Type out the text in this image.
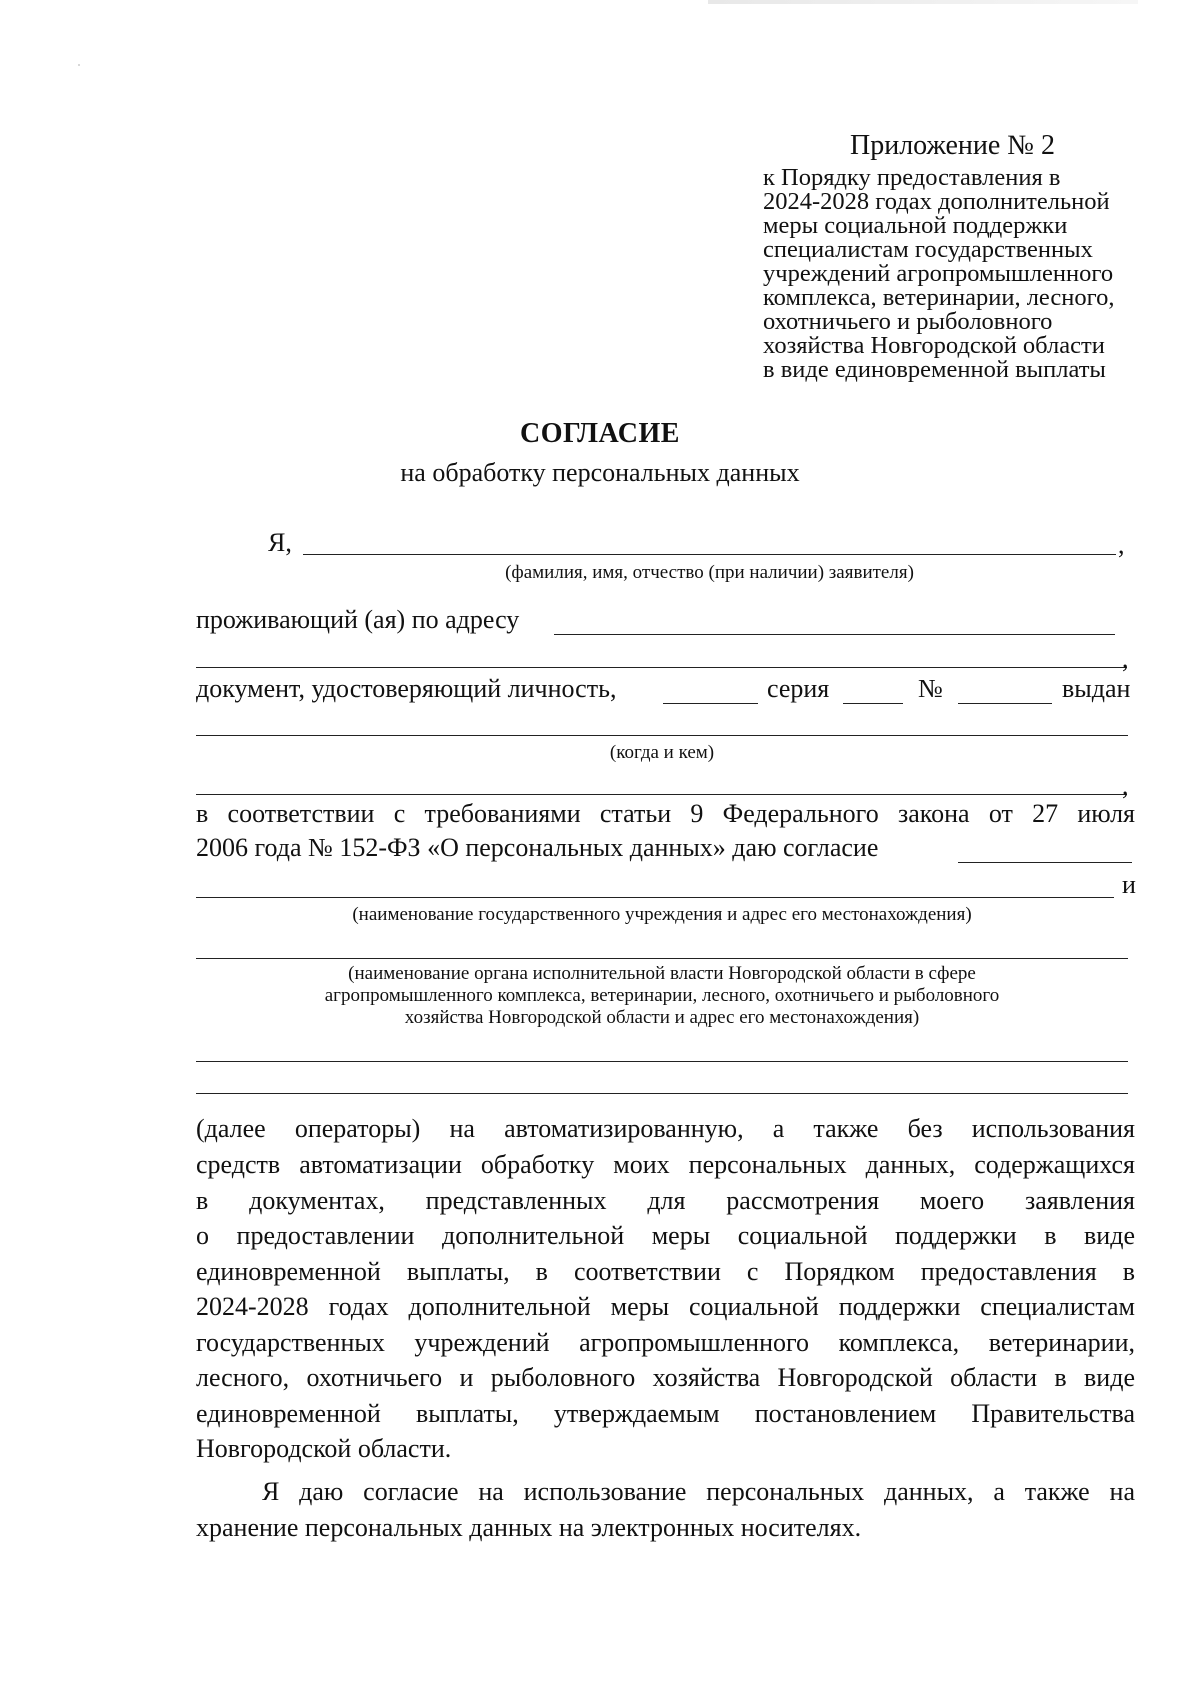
Приложение № 2
к Порядку предоставления в
2024-2028 годах дополнительной
меры социальной поддержки
специалистам государственных
учреждений агропромышленного
комплекса, ветеринарии, лесного,
охотничьего и рыболовного
хозяйства Новгородской области
в виде единовременной выплаты
СОГЛАСИЕ
на обработку персональных данных
Я,	,
(фамилия, имя, отчество (при наличии) заявителя)
проживающий (ая) по адресу
,
документ, удостоверяющий личность,	серия	№	выдан
(когда и кем)
,
в соответствии с требованиями статьи 9 Федерального закона от 27 июля
2006 года № 152-ФЗ «О персональных данных» даю согласие
и
(наименование государственного учреждения и адрес его местонахождения)
(наименование органа исполнительной власти Новгородской области в сфере
агропромышленного комплекса, ветеринарии, лесного, охотничьего и рыболовного
хозяйства Новгородской области и адрес его местонахождения)
(далее операторы) на автоматизированную, а также без использования
средств автоматизации обработку моих персональных данных, содержащихся
в документах, представленных для рассмотрения моего заявления
о предоставлении дополнительной меры социальной поддержки в виде
единовременной выплаты, в соответствии с Порядком предоставления в
2024-2028 годах дополнительной меры социальной поддержки специалистам
государственных учреждений агропромышленного комплекса, ветеринарии,
лесного, охотничьего и рыболовного хозяйства Новгородской области в виде
единовременной выплаты, утверждаемым постановлением Правительства
Новгородской области.
Я даю согласие на использование персональных данных, а также на
хранение персональных данных на электронных носителях.
